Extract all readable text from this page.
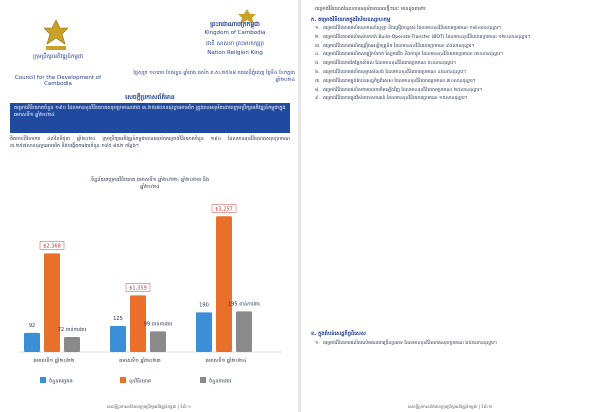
ក្រុមប្រឹក្សាអភិវឌ្ឍន៍កម្ពុជា
Council for the Development of Cambodia
ព្រះរាជាណាចក្រកម្ពុជា
Kingdom of Cambodia
ជាតិ សាសនា ព្រះមហាក្សត្រ
Nation Religion King
ថ្ងៃសុក្រ ១០រោច ខែផល្គុន ឆ្នាំរោង ឆស័ក ព.ស.២៥៦៨ រាជធានីភ្នំពេញ ថ្ងៃទី៤ ខែកក្កដា ឆ្នាំ២០២៤
សេចក្តីប្រកាសព័ត៌មាន
គម្រោងវិនិយោគចំនួន ១៩០ ដែលមានទុនវិនិយោគសរុបប្រមាណជាង ៣.២៥៧លានដុល្លារអាមេរិក ត្រូវបានអនុម័តដោយក្រុមប្រឹក្សាអភិវឌ្ឍន៍កម្ពុជាក្នុងឆមាសទី១ ឆ្នាំ២០២៤
គិតចាប់ពីខែមករា ដល់ខែមិថុនា ឆ្នាំ២០២៤ ក្រុមប្រឹក្សាអភិវឌ្ឍន៍កម្ពុជាបានអនុម័តគម្រោងវិនិយោគចំនួន ១៩០ ដែលមានទុនវិនិយោគសរុបប្រមាណ ៣.២៥៧លានដុល្លារអាមេរិក និងបង្កើតការងារចំនួន ១៩៥ ៨៥២ កន្លែង។
ទិន្នន័យគម្រោងវិនិយោគ ឆមាសទី១ ឆ្នាំ២០២២, ឆ្នាំ២០២៣ និង ឆ្នាំ២០២៤
92
$2,368
72 ពាន់ការងារ
ឆមាសទី១ ឆ្នាំ២០២២
125
$1,359
99 ពាន់ការងារ
ឆមាសទី១ ឆ្នាំ២០២៣
190
$3,257
195 ពាន់ការងារ
ឆមាសទី១ ឆ្នាំ២០២៤
ចំនួនគម្រោង	ទុនវិនិយោគ	ចំនួនការងារ
សេចក្តីប្រកាសព័ត៌មានក្រុមប្រឹក្សាអភិវឌ្ឍន៍កម្ពុជា | ទំព័រ ១
គម្រោងវិនិយោគដែលបានអនុម័តនាពេលថ្មីៗនេះ មានដូចតទៅ៖
ក. គម្រោងវិនិយោគក្នុងវិស័យឧស្សាហកម្ម
១. គម្រោងវិនិយោគផលិតឧបករណ៍សូឡា និងគ្រឿងបន្លាស់ ដែលមានទុនវិនិយោគប្រមាណ ១៨០លានដុល្លារ។
២. គម្រោងវិនិយោគផលិតសំបកកង់ Build-Operate-Transfer (BOT) ដែលមានទុនវិនិយោគប្រមាណ ១២០លានដុល្លារ។
៣. គម្រោងវិនិយោគផលិតគ្រឿងអេឡិចត្រូនិក ដែលមានទុនវិនិយោគប្រមាណ ៩៥លានដុល្លារ។
៤. គម្រោងវិនិយោគផលិតសម្លៀកបំពាក់ ស្បែកជើង និងកាបូប ដែលមានទុនវិនិយោគប្រមាណ ៧០លានដុល្លារ។
៥. គម្រោងវិនិយោគកែច្នៃកសិផល ដែលមានទុនវិនិយោគប្រមាណ ៥០លានដុល្លារ។
៦. គម្រោងវិនិយោគផលិតសម្ភារសំណង់ ដែលមានទុនវិនិយោគប្រមាណ ៤៥លានដុល្លារ។
៧. គម្រោងវិនិយោគក្នុងតំបន់សេដ្ឋកិច្ចពិសេស ដែលមានទុនវិនិយោគប្រមាណ ៣០លានដុល្លារ។
៨. គម្រោងវិនិយោគផលិតថាមពលកកើតឡើងវិញ ដែលមានទុនវិនិយោគប្រមាណ ២៥លានដុល្លារ។
៩. គម្រោងវិនិយោគក្នុងវិស័យទេសចរណ៍ ដែលមានទុនវិនិយោគប្រមាណ ១៥លានដុល្លារ។
ខ. ក្នុងតំបន់សេដ្ឋកិច្ចពិសេស
១. គម្រោងវិនិយោគផលិតផលិតផលជាច្រើនប្រភេទ ដែលមានទុនវិនិយោគសរុបប្រមាណ ៦៥៥លានដុល្លារ។
សេចក្តីប្រកាសព័ត៌មានក្រុមប្រឹក្សាអភិវឌ្ឍន៍កម្ពុជា | ទំព័រ ២
